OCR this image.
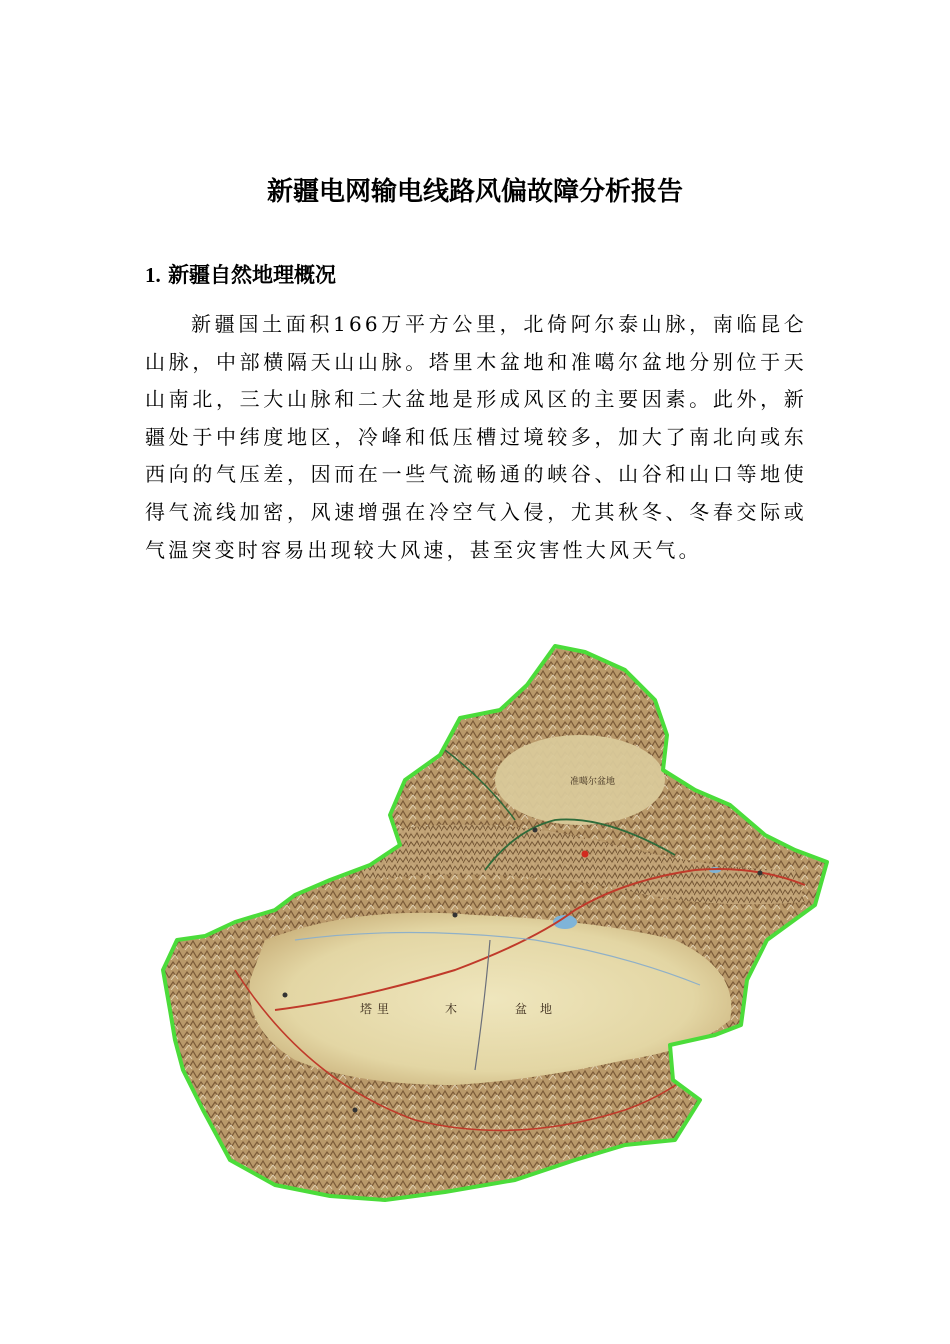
新疆电网输电线路风偏故障分析报告
1. 新疆自然地理概况

新疆国土面积166万平方公里，北倚阿尔泰山脉，南临昆仑山脉，中部横隔天山山脉。塔里木盆地和准噶尔盆地分别位于天山南北，三大山脉和二大盆地是形成风区的主要因素。此外，新疆处于中纬度地区，冷峰和低压槽过境较多，加大了南北向或东西向的气压差，因而在一些气流畅通的峡谷、山谷和山口等地使得气流线加密，风速增强在冷空气入侵，尤其秋冬、冬春交际或气温突变时容易出现较大风速，甚至灾害性大风天气。

准噶尔盆地
塔 里	木	盆 地
